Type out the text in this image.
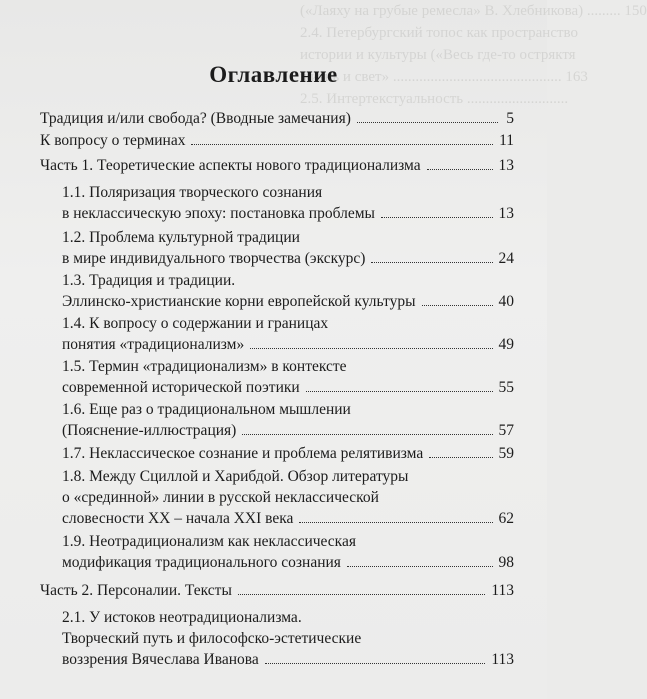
(«Лаяху на грубые ремесла» В. Хлебникова) ......... 150
2.4. Петербургский топос как пространство
истории и культуры («Весь где-то остряктя
жизнь и свет» ............................................. 163
2.5. Интертекстуальность ...........................
Оглавление
Традиция и/или свобода? (Вводные замечания)	5
К вопросу о терминах	11
Часть 1. Теоретические аспекты нового традиционализма	13
1.1. Поляризация творческого сознания
в неклассическую эпоху: постановка проблемы	13
1.2. Проблема культурной традиции
в мире индивидуального творчества (экскурс)	24
1.3. Традиция и традиции.
Эллинско-христианские корни европейской культуры	40
1.4. К вопросу о содержании и границах
понятия «традиционализм»	49
1.5. Термин «традиционализм» в контексте
современной исторической поэтики	55
1.6. Еще раз о традициональном мышлении
(Пояснение-иллюстрация)	57
1.7. Неклассическое сознание и проблема релятивизма	59
1.8. Между Сциллой и Харибдой. Обзор литературы
о «срединной» линии в русской неклассической
словесности XX – начала XXI века	62
1.9. Неотрадиционализм как неклассическая
модификация традиционального сознания	98
Часть 2. Персоналии. Тексты	113
2.1. У истоков неотрадиционализма.
Творческий путь и философско-эстетические
воззрения Вячеслава Иванова	113
